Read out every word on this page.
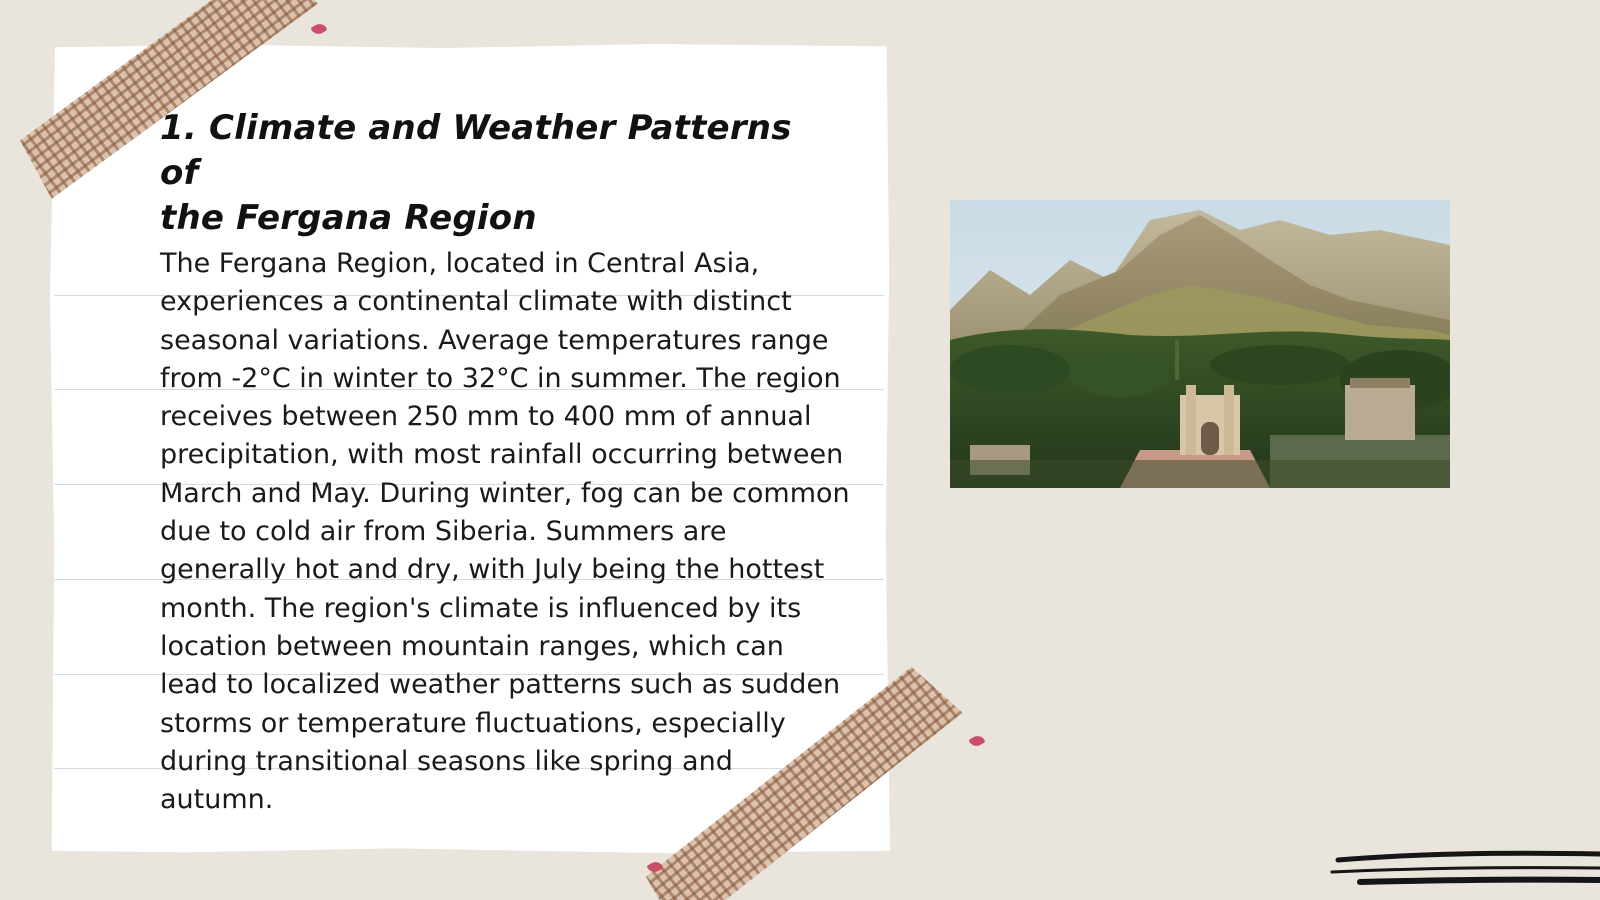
1. Climate and Weather Patterns of
the Fergana Region

The Fergana Region, located in Central Asia, experiences a continental climate with distinct seasonal variations. Average temperatures range from -2°C in winter to 32°C in summer. The region receives between 250 mm to 400 mm of annual precipitation, with most rainfall occurring between March and May. During winter, fog can be common due to cold air from Siberia. Summers are generally hot and dry, with July being the hottest month. The region's climate is influenced by its location between mountain ranges, which can lead to localized weather patterns such as sudden storms or temperature fluctuations, especially during transitional seasons like spring and autumn.
